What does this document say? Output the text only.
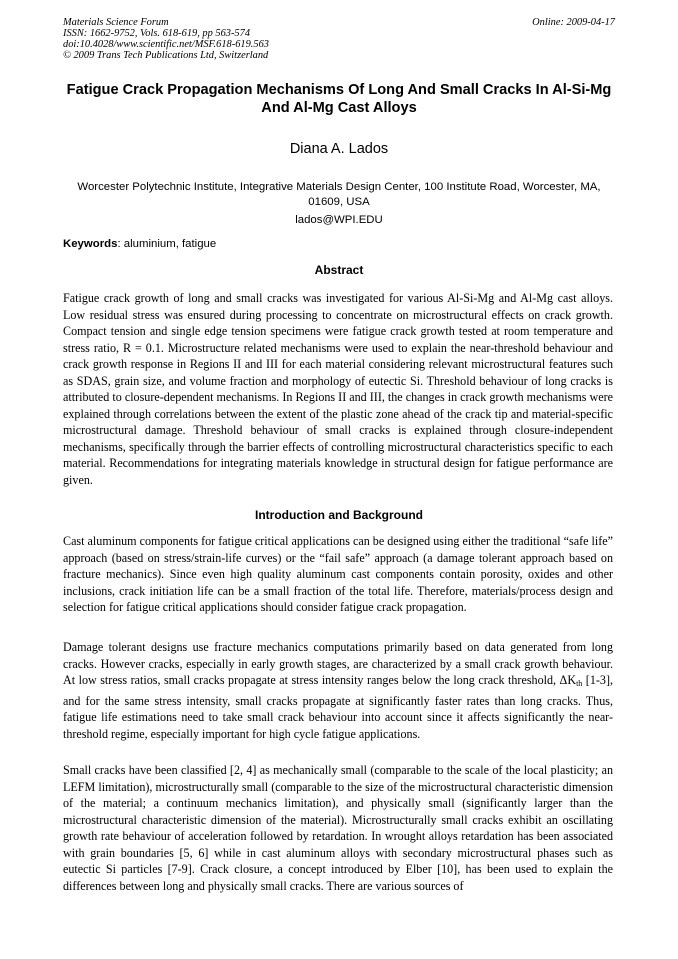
Materials Science Forum
ISSN: 1662-9752, Vols. 618-619, pp 563-574
doi:10.4028/www.scientific.net/MSF.618-619.563
© 2009 Trans Tech Publications Ltd, Switzerland
Online: 2009-04-17
Fatigue Crack Propagation Mechanisms Of Long And Small Cracks In Al-Si-Mg And Al-Mg Cast Alloys
Diana A. Lados
Worcester Polytechnic Institute, Integrative Materials Design Center, 100 Institute Road, Worcester, MA, 01609, USA
lados@WPI.EDU
Keywords: aluminium, fatigue
Abstract
Fatigue crack growth of long and small cracks was investigated for various Al-Si-Mg and Al-Mg cast alloys. Low residual stress was ensured during processing to concentrate on microstructural effects on crack growth. Compact tension and single edge tension specimens were fatigue crack growth tested at room temperature and stress ratio, R = 0.1. Microstructure related mechanisms were used to explain the near-threshold behaviour and crack growth response in Regions II and III for each material considering relevant microstructural features such as SDAS, grain size, and volume fraction and morphology of eutectic Si. Threshold behaviour of long cracks is attributed to closure-dependent mechanisms. In Regions II and III, the changes in crack growth mechanisms were explained through correlations between the extent of the plastic zone ahead of the crack tip and material-specific microstructural damage. Threshold behaviour of small cracks is explained through closure-independent mechanisms, specifically through the barrier effects of controlling microstructural characteristics specific to each material. Recommendations for integrating materials knowledge in structural design for fatigue performance are given.
Introduction and Background
Cast aluminum components for fatigue critical applications can be designed using either the traditional “safe life” approach (based on stress/strain-life curves) or the “fail safe” approach (a damage tolerant approach based on fracture mechanics). Since even high quality aluminum cast components contain porosity, oxides and other inclusions, crack initiation life can be a small fraction of the total life. Therefore, materials/process design and selection for fatigue critical applications should consider fatigue crack propagation.
Damage tolerant designs use fracture mechanics computations primarily based on data generated from long cracks. However cracks, especially in early growth stages, are characterized by a small crack growth behaviour. At low stress ratios, small cracks propagate at stress intensity ranges below the long crack threshold, $\Delta K_{th}$ [1-3], and for the same stress intensity, small cracks propagate at significantly faster rates than long cracks. Thus, fatigue life estimations need to take small crack behaviour into account since it affects significantly the near-threshold regime, especially important for high cycle fatigue applications.
Small cracks have been classified [2, 4] as mechanically small (comparable to the scale of the local plasticity; an LEFM limitation), microstructurally small (comparable to the size of the microstructural characteristic dimension of the material; a continuum mechanics limitation), and physically small (significantly larger than the microstructural characteristic dimension of the material). Microstructurally small cracks exhibit an oscillating growth rate behaviour of acceleration followed by retardation. In wrought alloys retardation has been associated with grain boundaries [5, 6] while in cast aluminum alloys with secondary microstructural phases such as eutectic Si particles [7-9]. Crack closure, a concept introduced by Elber [10], has been used to explain the differences between long and physically small cracks. There are various sources of
